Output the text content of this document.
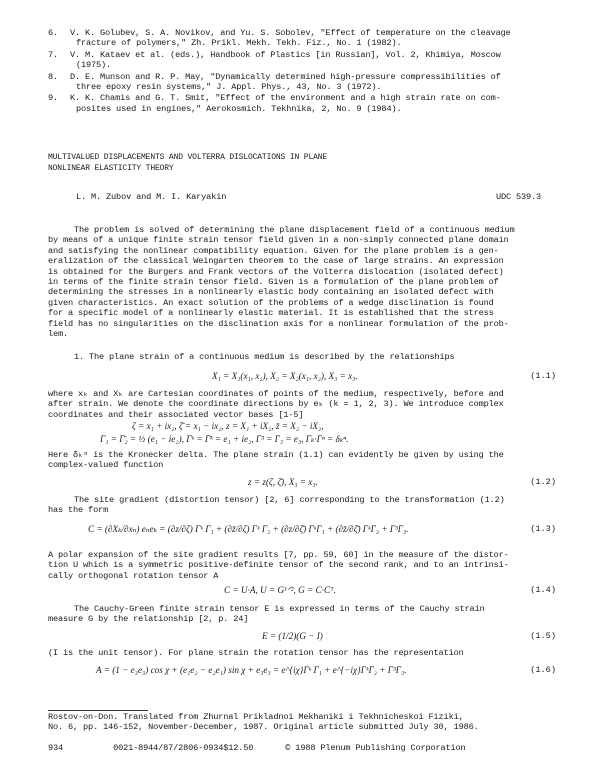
6.	V. K. Golubev, S. A. Novikov, and Yu. S. Sobolev, "Effect of temperature on the cleavage
fracture of polymers," Zh. Prikl. Mekh. Tekh. Fiz., No. 1 (1982).
7.	V. M. Kataev et al. (eds.), Handbook of Plastics [in Russian], Vol. 2, Khimiya, Moscow
(1975).
8.	D. E. Munson and R. P. May, "Dynamically determined high-pressure compressibilities of
three epoxy resin systems," J. Appl. Phys., 43, No. 3 (1972).
9.	K. K. Chamis and G. T. Smit, "Effect of the environment and a high strain rate on com-
posites used in engines," Aerokosmich. Tekhnika, 2, No. 9 (1984).
MULTIVALUED DISPLACEMENTS AND VOLTERRA DISLOCATIONS IN PLANE
NONLINEAR ELASTICITY THEORY
L. M. Zubov and M. I. Karyakin	UDC 539.3
The problem is solved of determining the plane displacement field of a continuous medium
by means of a unique finite strain tensor field given in a non-simply connected plane domain
and satisfying the nonlinear compatibility equation. Given for the plane problem is a gen-
eralization of the classical Weingarten theorem to the case of large strains. An expression
is obtained for the Burgers and Frank vectors of the Volterra dislocation (isolated defect)
in terms of the finite strain tensor field. Given is a formulation of the plane problem of
determining the stresses in a nonlinearly elastic body containing an isolated defect with
given characteristics. An exact solution of the problems of a wedge disclination is found
for a specific model of a nonlinearly elastic material. It is established that the stress
field has no singularities on the disclination axis for a nonlinear formulation of the prob-
lem.
1. The plane strain of a continuous medium is described by the relationships
X₁ = X₁(x₁, x₂), X₂ = X₂(x₁, x₂), X₃ = x₃.	(1.1)
where xₖ and Xₖ are Cartesian coordinates of points of the medium, respectively, before and
after strain. We denote the coordinate directions by eₖ (k = 1, 2, 3). We introduce complex
coordinates and their associated vector bases [1-5]
ζ = x₁ + ix₂, ζ̄ = x₁ − ix₂, z = X₁ + iX₂, z̄ = X₂ − iX₂,
Γ₁ = Γ̄₂ = ½ (e₁ − ie₂), Γᵏ = Γ̄ᵏ = e₁ + ie₂, Γ³ = Γ₃ = e₃, Γₖ·Γⁿ = δₖⁿ.
Here δₖⁿ is the Kronecker delta. The plane strain (1.1) can evidently be given by using the
complex-valued function
z = z(ζ, ζ̄), X₃ = x₃.	(1.2)
The site gradient (distortion tensor) [2, 6] corresponding to the transformation (1.2)
has the form
C = (∂Xₖ/∂xₙ) eₙeₖ = (∂z/∂ζ) Γᵏ Γ₁ + (∂z̄/∂ζ) Γᵏ Γ₂ + (∂z/∂ζ̄) ΓᵏΓ₁ + (∂z̄/∂ζ̄) ΓᵏΓ₂ + Γ³Γ₃.	(1.3)
A polar expansion of the site gradient results [7, pp. 59, 60] in the measure of the distor-
tion U which is a symmetric positive-definite tensor of the second rank, and to an intrinsi-
cally orthogonal rotation tensor A
C = U·A, U = G¹ᐟ², G = C·Cᵀ.	(1.4)
The Cauchy-Green finite strain tensor E is expressed in terms of the Cauchy strain
measure G by the relationship [2, p. 24]
E = (1/2)(G − I)	(1.5)
(I is the unit tensor). For plane strain the rotation tensor has the representation
A = (1 − e₃e₃) cos χ + (e₁e₂ − e₂e₁) sin χ + e₃e₃ = e^{iχ}Γᵏ Γ₁ + e^{−iχ}ΓᵏΓ₂ + Γ³Γ₃.	(1.6)
Rostov-on-Don. Translated from Zhurnal Prikladnoi Mekhaniki i Tekhnicheskoi Fiziki,
No. 6, pp. 146-152, November-December, 1987. Original article submitted July 30, 1986.
934	0021-8944/87/2806-0934$12.50	© 1988 Plenum Publishing Corporation
